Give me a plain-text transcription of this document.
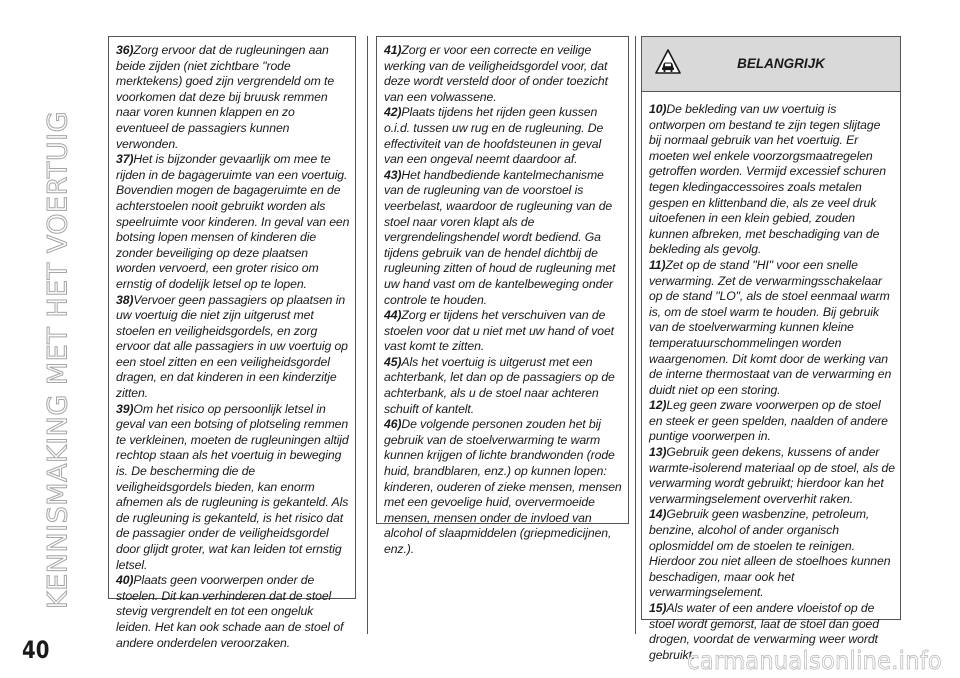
KENNISMAKING MET HET VOERTUIG
36)Zorg ervoor dat de rugleuningen aan beide zijden (niet zichtbare "rode merktekens) goed zijn vergrendeld om te voorkomen dat deze bij bruusk remmen naar voren kunnen klappen en zo eventueel de passagiers kunnen verwonden.
37)Het is bijzonder gevaarlijk om mee te rijden in de bagageruimte van een voertuig. Bovendien mogen de bagageruimte en de achterstoelen nooit gebruikt worden als speelruimte voor kinderen. In geval van een botsing lopen mensen of kinderen die zonder beveiliging op deze plaatsen worden vervoerd, een groter risico om ernstig of dodelijk letsel op te lopen.
38)Vervoer geen passagiers op plaatsen in uw voertuig die niet zijn uitgerust met stoelen en veiligheidsgordels, en zorg ervoor dat alle passagiers in uw voertuig op een stoel zitten en een veiligheidsgordel dragen, en dat kinderen in een kinderzitje zitten.
39)Om het risico op persoonlijk letsel in geval van een botsing of plotseling remmen te verkleinen, moeten de rugleuningen altijd rechtop staan als het voertuig in beweging is. De bescherming die de veiligheidsgordels bieden, kan enorm afnemen als de rugleuning is gekanteld. Als de rugleuning is gekanteld, is het risico dat de passagier onder de veiligheidsgordel door glijdt groter, wat kan leiden tot ernstig letsel.
40)Plaats geen voorwerpen onder de stoelen. Dit kan verhinderen dat de stoel stevig vergrendelt en tot een ongeluk leiden. Het kan ook schade aan de stoel of andere onderdelen veroorzaken.
41)Zorg er voor een correcte en veilige werking van de veiligheidsgordel voor, dat deze wordt versteld door of onder toezicht van een volwassene.
42)Plaats tijdens het rijden geen kussen o.i.d. tussen uw rug en de rugleuning. De effectiviteit van de hoofdsteunen in geval van een ongeval neemt daardoor af.
43)Het handbediende kantelmechanisme van de rugleuning van de voorstoel is veerbelast, waardoor de rugleuning van de stoel naar voren klapt als de vergrendelingshendel wordt bediend. Ga tijdens gebruik van de hendel dichtbij de rugleuning zitten of houd de rugleuning met uw hand vast om de kantelbeweging onder controle te houden.
44)Zorg er tijdens het verschuiven van de stoelen voor dat u niet met uw hand of voet vast komt te zitten.
45)Als het voertuig is uitgerust met een achterbank, let dan op de passagiers op de achterbank, als u de stoel naar achteren schuift of kantelt.
46)De volgende personen zouden het bij gebruik van de stoelverwarming te warm kunnen krijgen of lichte brandwonden (rode huid, brandblaren, enz.) op kunnen lopen: kinderen, ouderen of zieke mensen, mensen met een gevoelige huid, oververmoeide mensen, mensen onder de invloed van alcohol of slaapmiddelen (griepmedicijnen, enz.).
BELANGRIJK
10)De bekleding van uw voertuig is ontworpen om bestand te zijn tegen slijtage bij normaal gebruik van het voertuig. Er moeten wel enkele voorzorgsmaatregelen getroffen worden. Vermijd excessief schuren tegen kledingaccessoires zoals metalen gespen en klittenband die, als ze veel druk uitoefenen in een klein gebied, zouden kunnen afbreken, met beschadiging van de bekleding als gevolg.
11)Zet op de stand "HI" voor een snelle verwarming. Zet de verwarmingsschakelaar op de stand "LO", als de stoel eenmaal warm is, om de stoel warm te houden. Bij gebruik van de stoelverwarming kunnen kleine temperatuurschommelingen worden waargenomen. Dit komt door de werking van de interne thermostaat van de verwarming en duidt niet op een storing.
12)Leg geen zware voorwerpen op de stoel en steek er geen spelden, naalden of andere puntige voorwerpen in.
13)Gebruik geen dekens, kussens of ander warmte-isolerend materiaal op de stoel, als de verwarming wordt gebruikt; hierdoor kan het verwarmingselement oververhit raken.
14)Gebruik geen wasbenzine, petroleum, benzine, alcohol of ander organisch oplosmiddel om de stoelen te reinigen. Hierdoor zou niet alleen de stoelhoes kunnen beschadigen, maar ook het verwarmingselement.
15)Als water of een andere vloeistof op de stoel wordt gemorst, laat de stoel dan goed drogen, voordat de verwarming weer wordt gebruikt.
40	carmanualsonline.info
